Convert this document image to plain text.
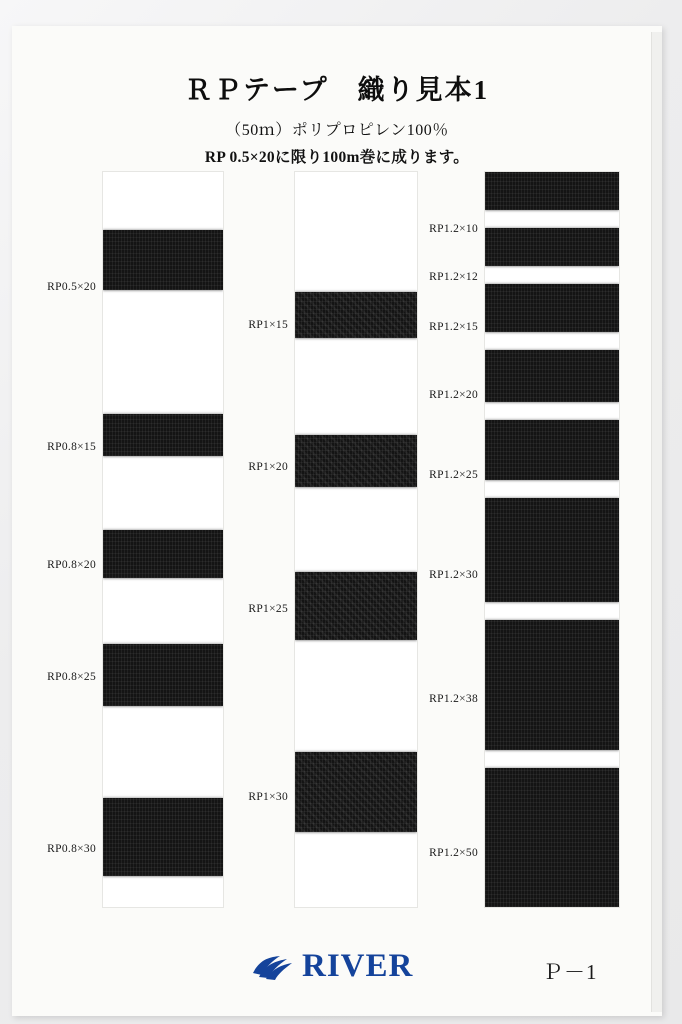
ＲＰテープ　織り見本1

（50ｍ）ポリプロピレン100％

RP 0.5×20に限り100m巻に成ります。

RP0.5×20
RP0.8×15
RP0.8×20
RP0.8×25
RP0.8×30
RP1×15
RP1×20
RP1×25
RP1×30
RP1.2×10
RP1.2×12
RP1.2×15
RP1.2×20
RP1.2×25
RP1.2×30
RP1.2×38
RP1.2×50
RIVER	Ｐ－1
